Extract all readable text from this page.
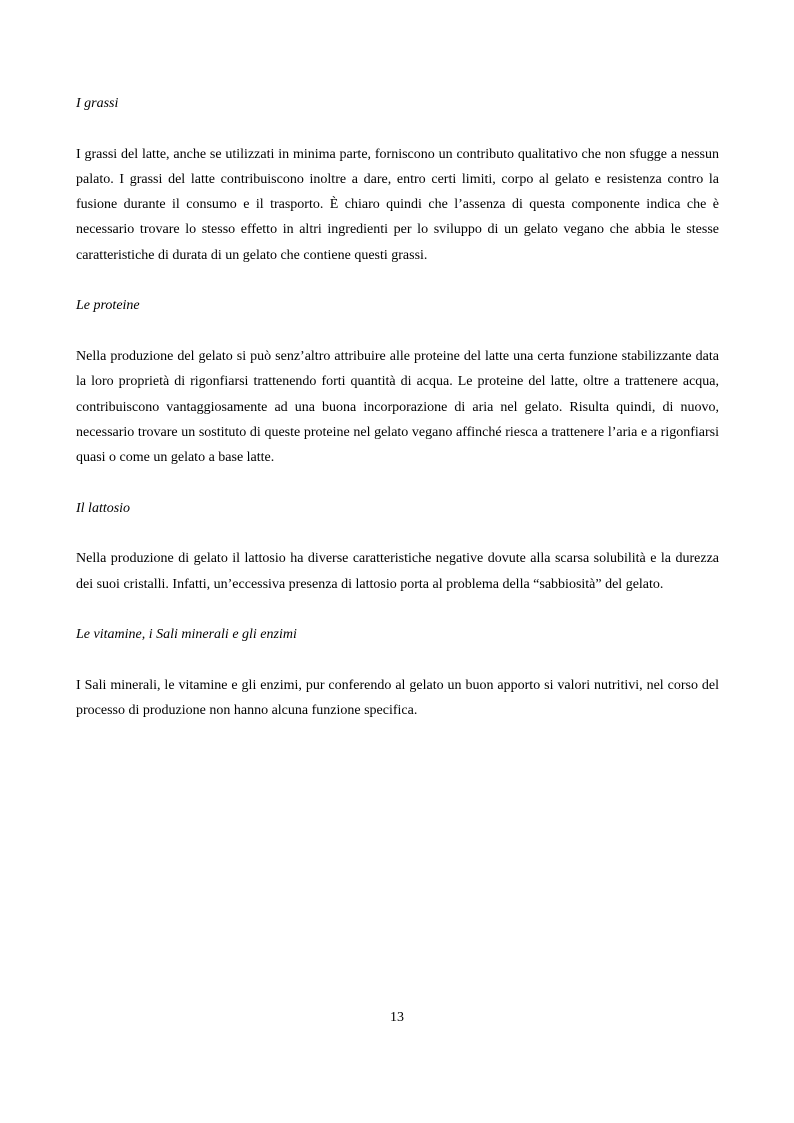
I grassi

I grassi del latte, anche se utilizzati in minima parte, forniscono un contributo qualitativo che non sfugge a nessun palato. I grassi del latte contribuiscono inoltre a dare, entro certi limiti, corpo al gelato e resistenza contro la fusione durante il consumo e il trasporto. È chiaro quindi che l’assenza di questa componente indica che è necessario trovare lo stesso effetto in altri ingredienti per lo sviluppo di un gelato vegano che abbia le stesse caratteristiche di durata di un gelato che contiene questi grassi.

Le proteine

Nella produzione del gelato si può senz’altro attribuire alle proteine del latte una certa funzione stabilizzante data la loro proprietà di rigonfiarsi trattenendo forti quantità di acqua. Le proteine del latte, oltre a trattenere acqua, contribuiscono vantaggiosamente ad una buona incorporazione di aria nel gelato. Risulta quindi, di nuovo, necessario trovare un sostituto di queste proteine nel gelato vegano affinché riesca a trattenere l’aria e a rigonfiarsi quasi o come un gelato a base latte.

Il lattosio

Nella produzione di gelato il lattosio ha diverse caratteristiche negative dovute alla scarsa solubilità e la durezza dei suoi cristalli. Infatti, un’eccessiva presenza di lattosio porta al problema della “sabbiosità” del gelato.

Le vitamine, i Sali minerali e gli enzimi

I Sali minerali, le vitamine e gli enzimi, pur conferendo al gelato un buon apporto si valori nutritivi, nel corso del processo di produzione non hanno alcuna funzione specifica.

13
